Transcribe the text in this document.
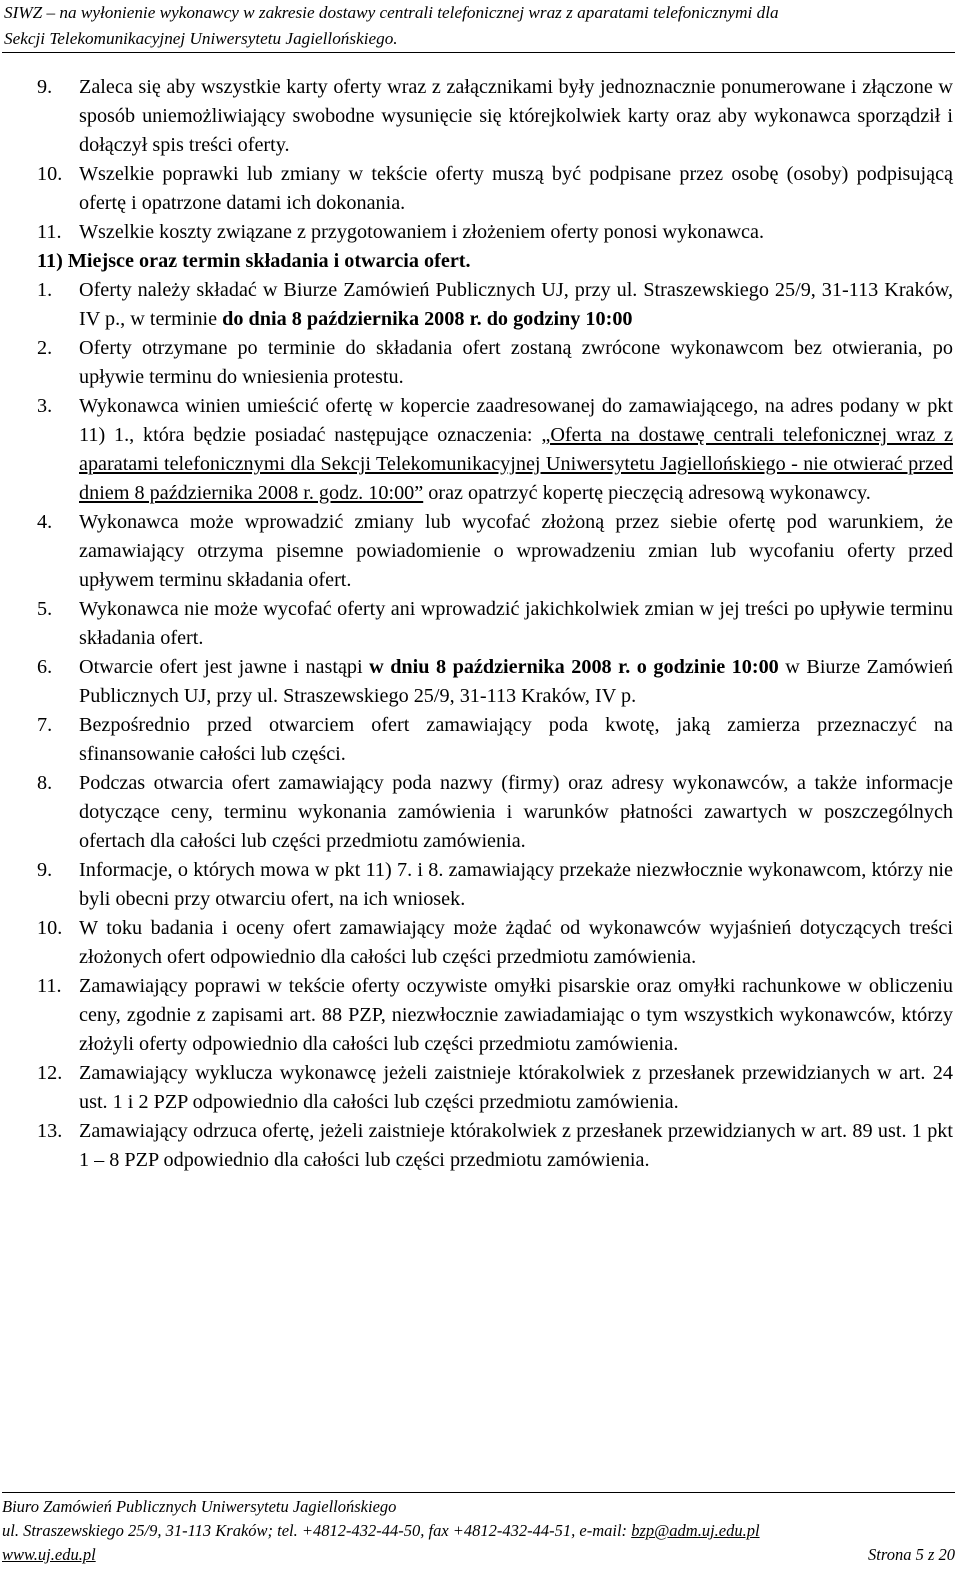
SIWZ – na wyłonienie wykonawcy w zakresie dostawy centrali telefonicznej wraz z aparatami telefonicznymi dla
Sekcji Telekomunikacyjnej Uniwersytetu Jagiellońskiego.
9.	Zaleca się aby wszystkie karty oferty wraz z załącznikami były jednoznacznie ponumerowane i złączone w sposób uniemożliwiający swobodne wysunięcie się którejkolwiek karty oraz aby wykonawca sporządził i dołączył spis treści oferty.
10. Wszelkie poprawki lub zmiany w tekście oferty muszą być podpisane przez osobę (osoby) podpisującą ofertę i opatrzone datami ich dokonania.
11. Wszelkie koszty związane z przygotowaniem i złożeniem oferty ponosi wykonawca.
11) Miejsce oraz termin składania i otwarcia ofert.
1.	Oferty należy składać w Biurze Zamówień Publicznych UJ, przy ul. Straszewskiego 25/9, 31-113 Kraków, IV p., w terminie do dnia 8 października 2008 r. do godziny 10:00
2.	Oferty otrzymane po terminie do składania ofert zostaną zwrócone wykonawcom bez otwierania, po upływie terminu do wniesienia protestu.
3.	Wykonawca winien umieścić ofertę w kopercie zaadresowanej do zamawiającego, na adres podany w pkt 11) 1., która będzie posiadać następujące oznaczenia: „Oferta na dostawę centrali telefonicznej wraz z aparatami telefonicznymi dla Sekcji Telekomunikacyjnej Uniwersytetu Jagiellońskiego - nie otwierać przed dniem 8 października 2008 r. godz. 10:00” oraz opatrzyć kopertę pieczęcią adresową wykonawcy.
4.	Wykonawca może wprowadzić zmiany lub wycofać złożoną przez siebie ofertę pod warunkiem, że zamawiający otrzyma pisemne powiadomienie o wprowadzeniu zmian lub wycofaniu oferty przed upływem terminu składania ofert.
5.	Wykonawca nie może wycofać oferty ani wprowadzić jakichkolwiek zmian w jej treści po upływie terminu składania ofert.
6.	Otwarcie ofert jest jawne i nastąpi w dniu 8 października 2008 r. o godzinie 10:00 w Biurze Zamówień Publicznych UJ, przy ul. Straszewskiego 25/9, 31-113 Kraków, IV p.
7.	Bezpośrednio przed otwarciem ofert zamawiający poda kwotę, jaką zamierza przeznaczyć na sfinansowanie całości lub części.
8.	Podczas otwarcia ofert zamawiający poda nazwy (firmy) oraz adresy wykonawców, a także informacje dotyczące ceny, terminu wykonania zamówienia i warunków płatności zawartych w poszczególnych ofertach dla całości lub części przedmiotu zamówienia.
9.	Informacje, o których mowa w pkt 11) 7. i 8. zamawiający przekaże niezwłocznie wykonawcom, którzy nie byli obecni przy otwarciu ofert, na ich wniosek.
10. W toku badania i oceny ofert zamawiający może żądać od wykonawców wyjaśnień dotyczących treści złożonych ofert odpowiednio dla całości lub części przedmiotu zamówienia.
11. Zamawiający poprawi w tekście oferty oczywiste omyłki pisarskie oraz omyłki rachunkowe w obliczeniu ceny, zgodnie z zapisami art. 88 PZP, niezwłocznie zawiadamiając o tym wszystkich wykonawców, którzy złożyli oferty odpowiednio dla całości lub części przedmiotu zamówienia.
12. Zamawiający wyklucza wykonawcę jeżeli zaistnieje którakolwiek z przesłanek przewidzianych w art. 24 ust. 1 i 2 PZP odpowiednio dla całości lub części przedmiotu zamówienia.
13. Zamawiający odrzuca ofertę, jeżeli zaistnieje którakolwiek z przesłanek przewidzianych w art. 89 ust. 1 pkt 1 – 8 PZP odpowiednio dla całości lub części przedmiotu zamówienia.
Biuro Zamówień Publicznych Uniwersytetu Jagiellońskiego
ul. Straszewskiego 25/9, 31-113 Kraków; tel. +4812-432-44-50, fax +4812-432-44-51, e-mail: bzp@adm.uj.edu.pl
www.uj.edu.pl	Strona 5 z 20
